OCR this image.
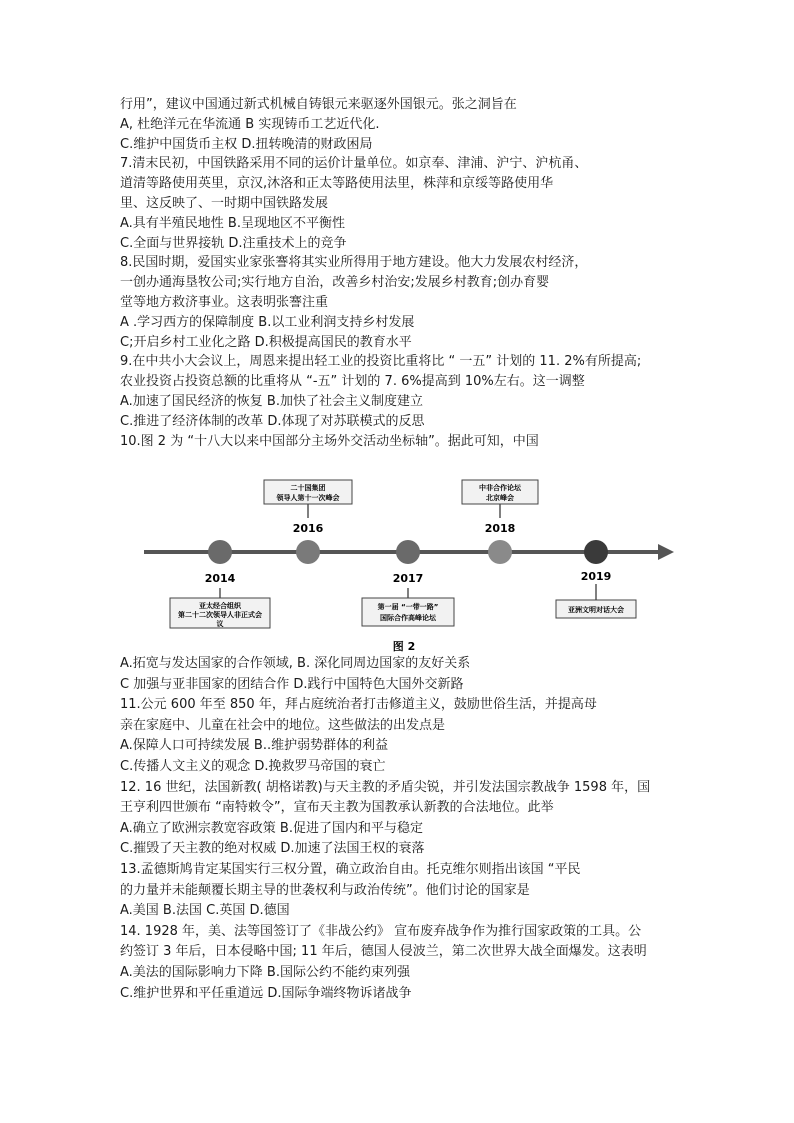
行用”，建议中国通过新式机械自铸银元来驱逐外国银元。张之洞旨在
A, 杜绝洋元在华流通 B 实现铸币工艺近代化.
C.维护中国货币主权 D.扭转晚清的财政困局
7.清末民初，中国铁路采用不同的运价计量单位。如京奉、津浦、沪宁、沪杭甬、
道清等路使用英里，京汉,沐洛和正太等路使用法里，株萍和京绥等路使用华
里、这反映了、一时期中国铁路发展
A.具有半殖民地性 B.呈现地区不平衡性
C.全面与世界接轨 D.注重技术上的竞争
8.民国时期，爱国实业家张謇将其实业所得用于地方建设。他大力发展农村经济，
一创办通海垦牧公司;实行地方自治，改善乡村治安;发展乡村教育;创办育婴
堂等地方救济事业。这表明张謇注重
A .学习西方的保障制度 B.以工业利润支持乡村发展
C;开启乡村工业化之路 D.积极提高国民的教育水平
9.在中共小大会议上，周恩来提出轻工业的投资比重将比 “ 一五” 计划的 11. 2%有所提高;
农业投资占投资总额的比重将从 “-五” 计划的 7. 6%提高到 10%左右。这一调整
A.加速了国民经济的恢复 B.加快了社会主义制度建立
C.推进了经济体制的改革 D.体现了对苏联模式的反思
10.图 2 为 “十八大以来中国部分主场外交活动坐标轴”。据此可知，中国
A.拓宽与发达国家的合作领域, B. 深化同周边国家的友好关系
C 加强与亚非国家的团结合作 D.践行中国特色大国外交新路
11.公元 600 年至 850 年，拜占庭统治者打击修道主义，鼓励世俗生活，并提高母
亲在家庭中、儿童在社会中的地位。这些做法的出发点是
A.保障人口可持续发展 B..维护弱势群体的利益
C.传播人文主义的观念 D.挽救罗马帝国的衰亡
12. 16 世纪，法国新教( 胡格诺教)与天主教的矛盾尖锐，并引发法国宗教战争 1598 年，国
王亨利四世颁布 “南特敕令”，宣布天主教为国教承认新教的合法地位。此举
A.确立了欧洲宗教宽容政策 B.促进了国内和平与稳定
C.摧毁了天主教的绝对权威 D.加速了法国王权的衰落
13.孟德斯鸠肯定某国实行三权分置，确立政治自由。托克维尔则指出该国 “平民
的力量并未能颠覆长期主导的世袭权利与政治传统”。他们讨论的国家是
A.美国 B.法国 C.英国 D.德国
14. 1928 年，美、法等国签订了《非战公约》 宣布废弃战争作为推行国家政策的工具。公
约签订 3 年后，日本侵略中国; 11 年后，德国人侵波兰，第二次世界大战全面爆发。这表明
A.美法的国际影响力下降 B.国际公约不能约束列强
C.维护世界和平任重道远 D.国际争端终物诉诸战争
2014
亚太经合组织
第二十二次领导人非正式会
议
2016
二十国集团
领导人第十一次峰会
2017
第一届 “一带一路”
国际合作高峰论坛
2018
中非合作论坛
北京峰会
2019
亚洲文明对话大会
图 2
